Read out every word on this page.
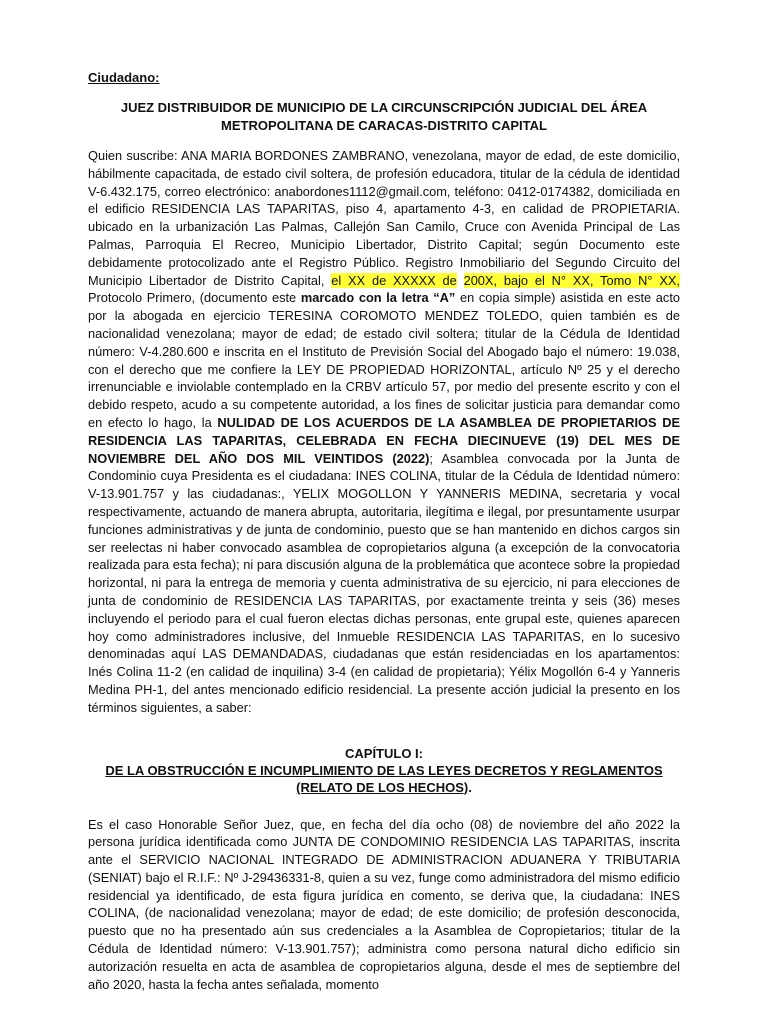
Ciudadano:
JUEZ DISTRIBUIDOR DE MUNICIPIO DE LA CIRCUNSCRIPCIÓN JUDICIAL DEL ÁREA
METROPOLITANA DE CARACAS-DISTRITO CAPITAL

Quien suscribe: ANA MARIA BORDONES ZAMBRANO, venezolana, mayor de edad, de este domicilio, hábilmente capacitada, de estado civil soltera, de profesión educadora, titular de la cédula de identidad V-6.432.175, correo electrónico: anabordones1112@gmail.com, teléfono: 0412-0174382, domiciliada en el edificio RESIDENCIA LAS TAPARITAS, piso 4, apartamento 4-3, en calidad de PROPIETARIA. ubicado en la urbanización Las Palmas, Callejón San Camilo, Cruce con Avenida Principal de Las Palmas, Parroquia El Recreo, Municipio Libertador, Distrito Capital; según Documento este debidamente protocolizado ante el Registro Público. Registro Inmobiliario del Segundo Circuito del Municipio Libertador de Distrito Capital, el XX de XXXXX de 200X, bajo el N° XX, Tomo N° XX, Protocolo Primero, (documento este marcado con la letra “A” en copia simple) asistida en este acto por la abogada en ejercicio TERESINA COROMOTO MENDEZ TOLEDO, quien también es de nacionalidad venezolana; mayor de edad; de estado civil soltera; titular de la Cédula de Identidad número: V-4.280.600 e inscrita en el Instituto de Previsión Social del Abogado bajo el número: 19.038, con el derecho que me confiere la LEY DE PROPIEDAD HORIZONTAL, artículo Nº 25 y el derecho irrenunciable e inviolable contemplado en la CRBV artículo 57, por medio del presente escrito y con el debido respeto, acudo a su competente autoridad, a los fines de solicitar justicia para demandar como en efecto lo hago, la NULIDAD DE LOS ACUERDOS DE LA ASAMBLEA DE PROPIETARIOS DE RESIDENCIA LAS TAPARITAS, CELEBRADA EN FECHA DIECINUEVE (19) DEL MES DE NOVIEMBRE DEL AÑO DOS MIL VEINTIDOS (2022); Asamblea convocada por la Junta de Condominio cuya Presidenta es el ciudadana: INES COLINA, titular de la Cédula de Identidad número: V-13.901.757 y las ciudadanas:, YELIX MOGOLLON Y YANNERIS MEDINA, secretaria y vocal respectivamente, actuando de manera abrupta, autoritaria, ilegítima e ilegal, por presuntamente usurpar funciones administrativas y de junta de condominio, puesto que se han mantenido en dichos cargos sin ser reelectas ni haber convocado asamblea de copropietarios alguna (a excepción de la convocatoria realizada para esta fecha); ni para discusión alguna de la problemática que acontece sobre la propiedad horizontal, ni para la entrega de memoria y cuenta administrativa de su ejercicio, ni para elecciones de junta de condominio de RESIDENCIA LAS TAPARITAS, por exactamente treinta y seis (36) meses incluyendo el periodo para el cual fueron electas dichas personas, ente grupal este, quienes aparecen hoy como administradores inclusive, del Inmueble RESIDENCIA LAS TAPARITAS, en lo sucesivo denominadas aquí LAS DEMANDADAS, ciudadanas que están residenciadas en los apartamentos: Inés Colina 11-2 (en calidad de inquilina) 3-4 (en calidad de propietaria); Yélix Mogollón 6-4 y Yanneris Medina PH-1, del antes mencionado edificio residencial. La presente acción judicial la presento en los términos siguientes, a saber:

CAPÍTULO I:
DE LA OBSTRUCCIÓN E INCUMPLIMIENTO DE LAS LEYES DECRETOS Y REGLAMENTOS (RELATO DE LOS HECHOS).

Es el caso Honorable Señor Juez, que, en fecha del día ocho (08) de noviembre del año 2022 la persona jurídica identificada como JUNTA DE CONDOMINIO RESIDENCIA LAS TAPARITAS, inscrita ante el SERVICIO NACIONAL INTEGRADO DE ADMINISTRACION ADUANERA Y TRIBUTARIA (SENIAT) bajo el R.I.F.: Nº J-29436331-8, quien a su vez, funge como administradora del mismo edificio residencial ya identificado, de esta figura jurídica en comento, se deriva que, la ciudadana: INES COLINA, (de nacionalidad venezolana; mayor de edad; de este domicilio; de profesión desconocida, puesto que no ha presentado aún sus credenciales a la Asamblea de Copropietarios; titular de la Cédula de Identidad número: V-13.901.757); administra como persona natural dicho edificio sin autorización resuelta en acta de asamblea de copropietarios alguna, desde el mes de septiembre del año 2020, hasta la fecha antes señalada, momento
